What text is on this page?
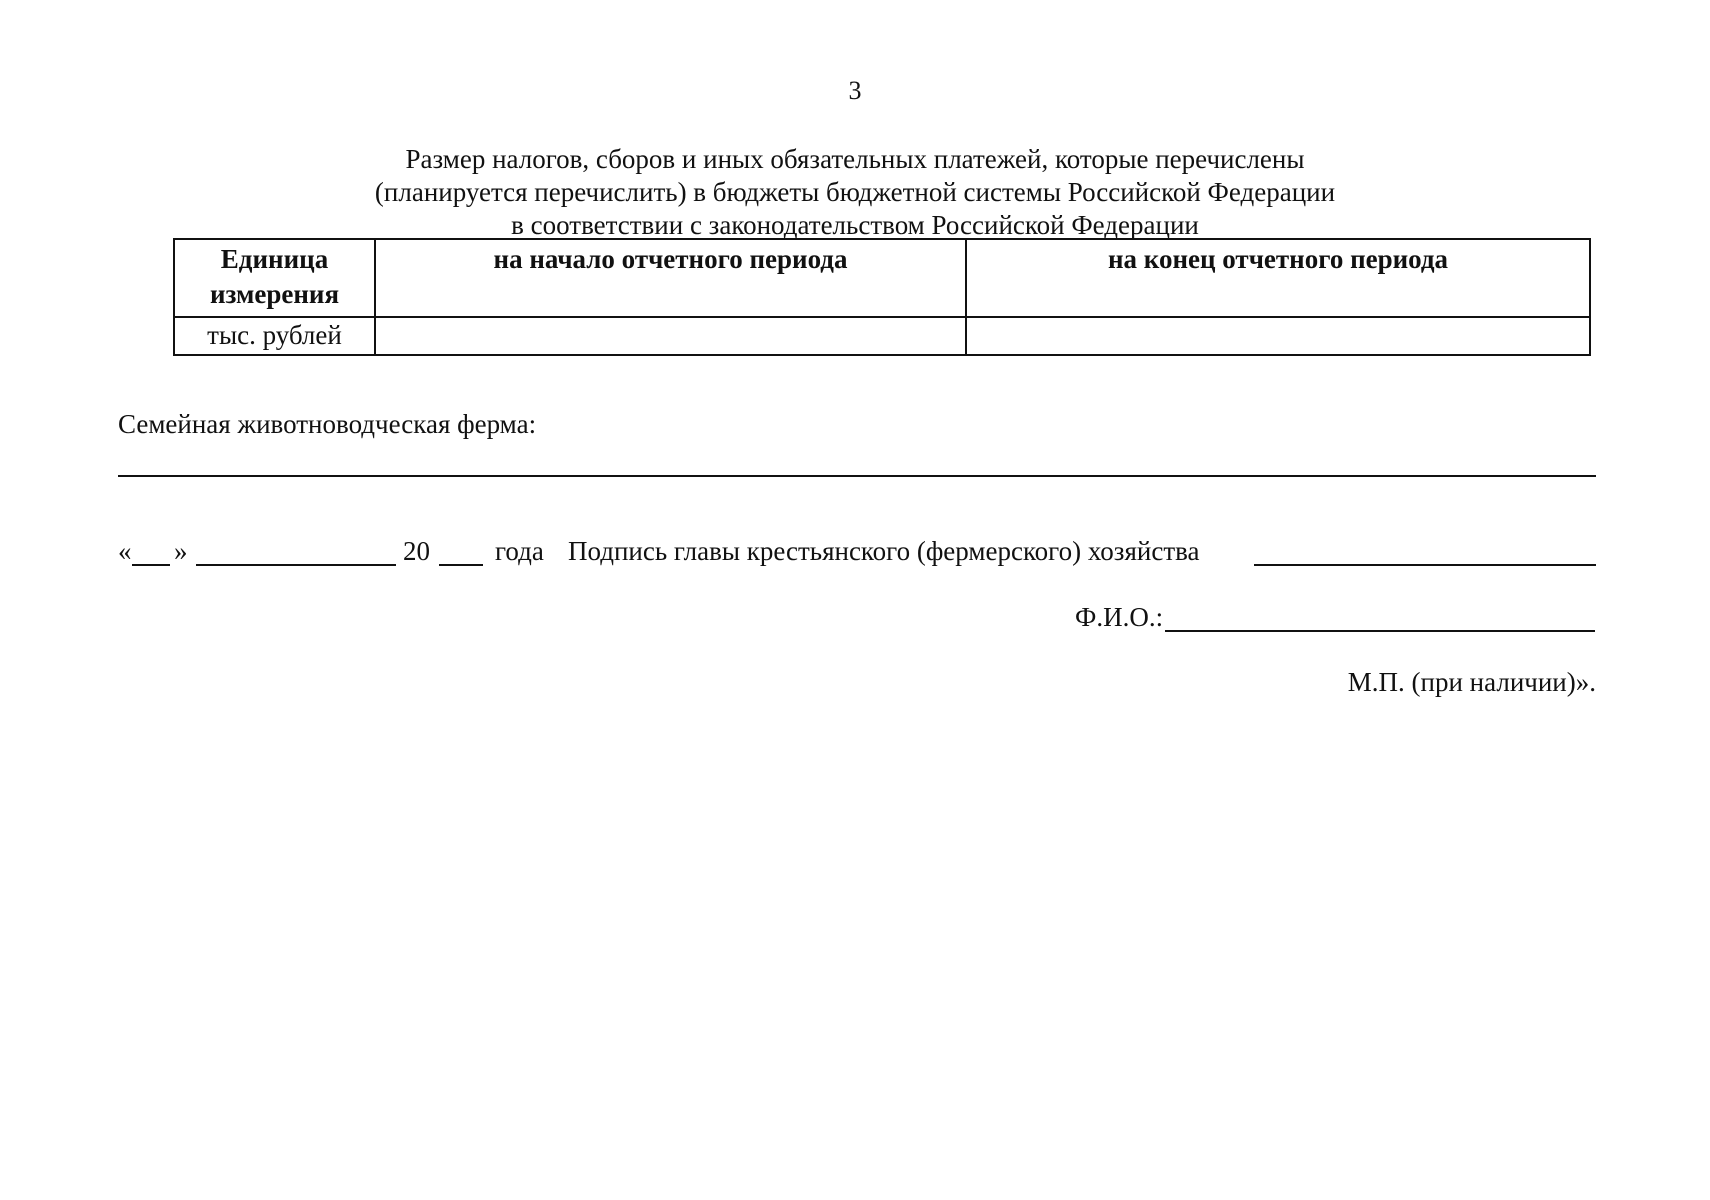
3
Размер налогов, сборов и иных обязательных платежей, которые перечислены
(планируется перечислить) в бюджеты бюджетной системы Российской Федерации
в соответствии с законодательством Российской Федерации
Единица
измерения	на начало отчетного периода	на конец отчетного периода
тыс. рублей		
Семейная животноводческая ферма:
« »	20 года Подпись главы крестьянского (фермерского) хозяйства
Ф.И.О.:
М.П. (при наличии)».
